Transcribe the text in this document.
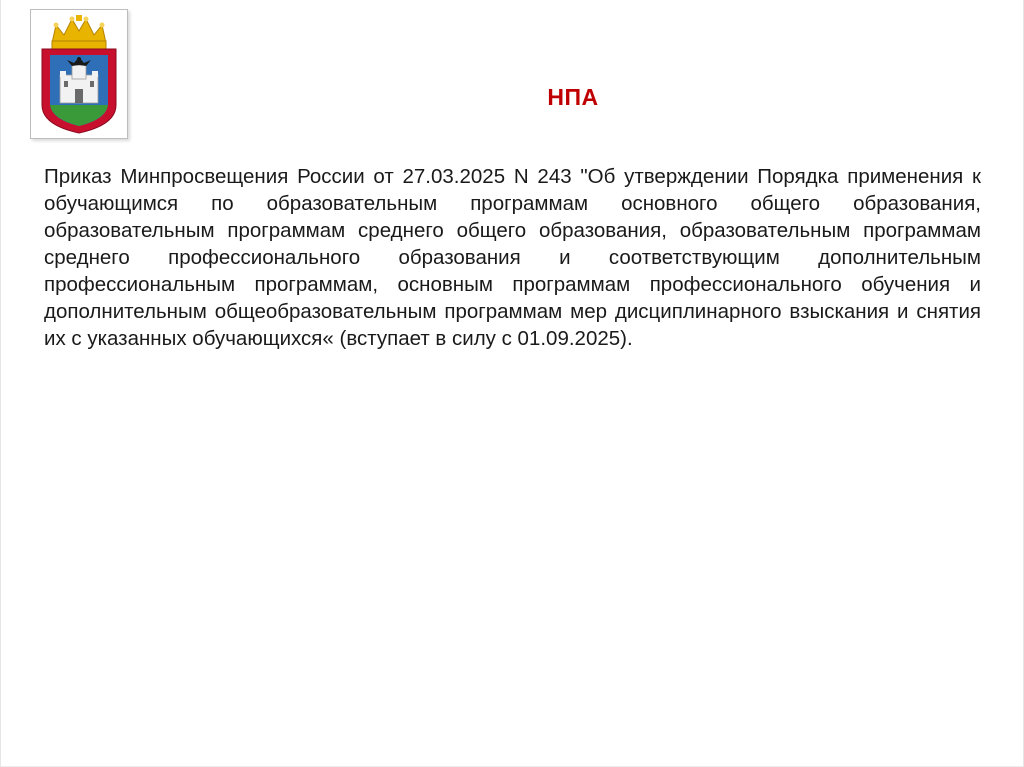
НПА

Приказ Минпросвещения России от 27.03.2025 N 243 "Об утверждении Порядка применения к обучающимся по образовательным программам основного общего образования, образовательным программам среднего общего образования, образовательным программам среднего профессионального образования и соответствующим дополнительным профессиональным программам, основным программам профессионального обучения и дополнительным общеобразовательным программам мер дисциплинарного взыскания и снятия их с указанных обучающихся« (вступает в силу с 01.09.2025).
